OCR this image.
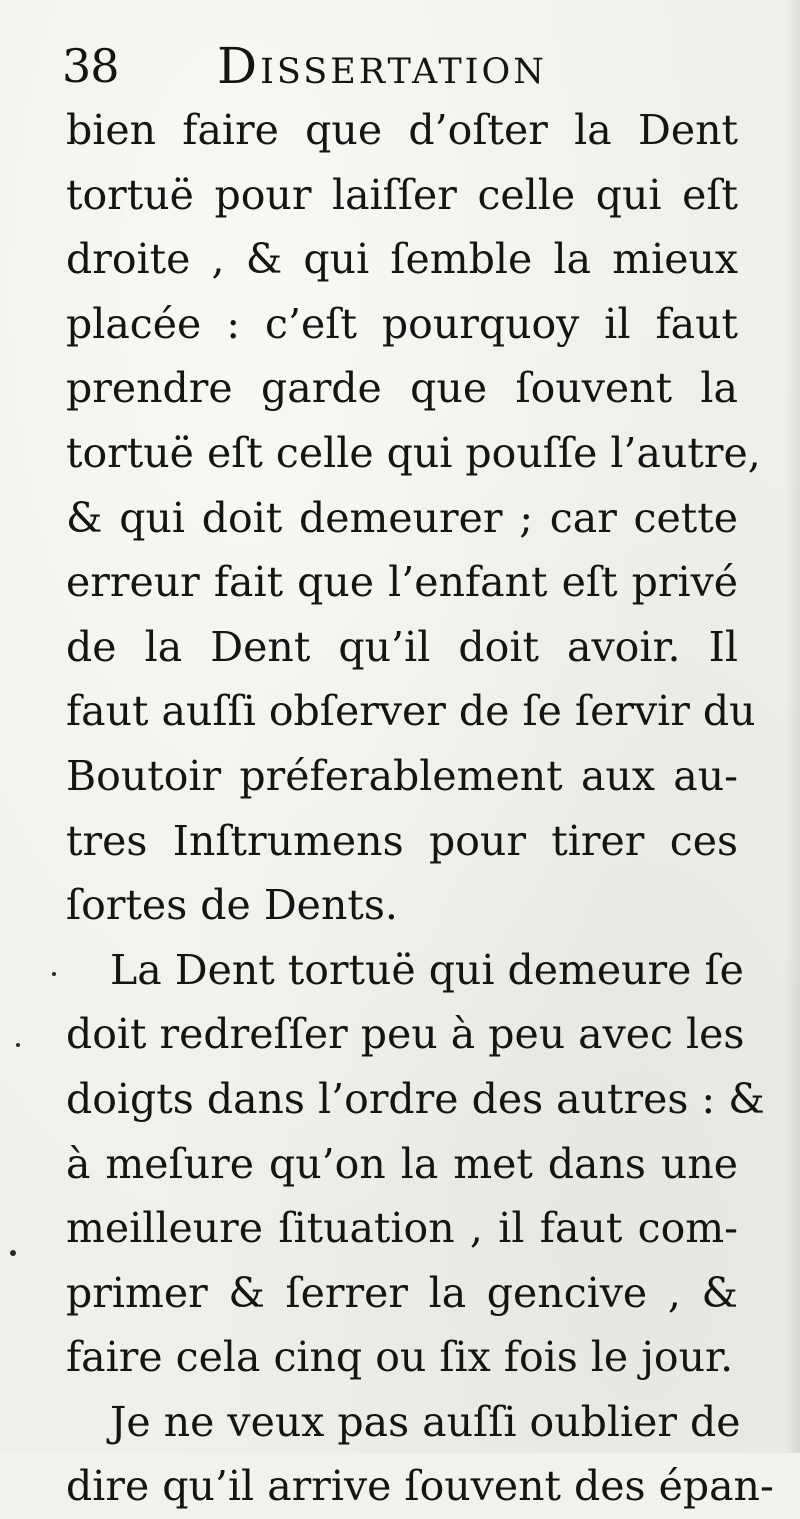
38 Dissertation
bien faire que d’oſter la Dent
tortuë pour laiſſer celle qui eſt
droite , & qui ſemble la mieux
placée : c’eſt pourquoy il faut
prendre garde que ſouvent la
tortuë eſt celle qui pouſſe l’autre,
& qui doit demeurer ; car cette
erreur fait que l’enfant eſt privé
de la Dent qu’il doit avoir. Il
faut auſſi obſerver de ſe ſervir du
Boutoir préferablement aux au-
tres Inſtrumens pour tirer ces
ſortes de Dents.
La Dent tortuë qui demeure ſe
doit redreſſer peu à peu avec les
doigts dans l’ordre des autres : &
à meſure qu’on la met dans une
meilleure ſituation , il faut com-
primer & ſerrer la gencive , &
faire cela cinq ou ſix fois le jour.
Je ne veux pas auſſi oublier de
dire qu’il arrive ſouvent des épan-
